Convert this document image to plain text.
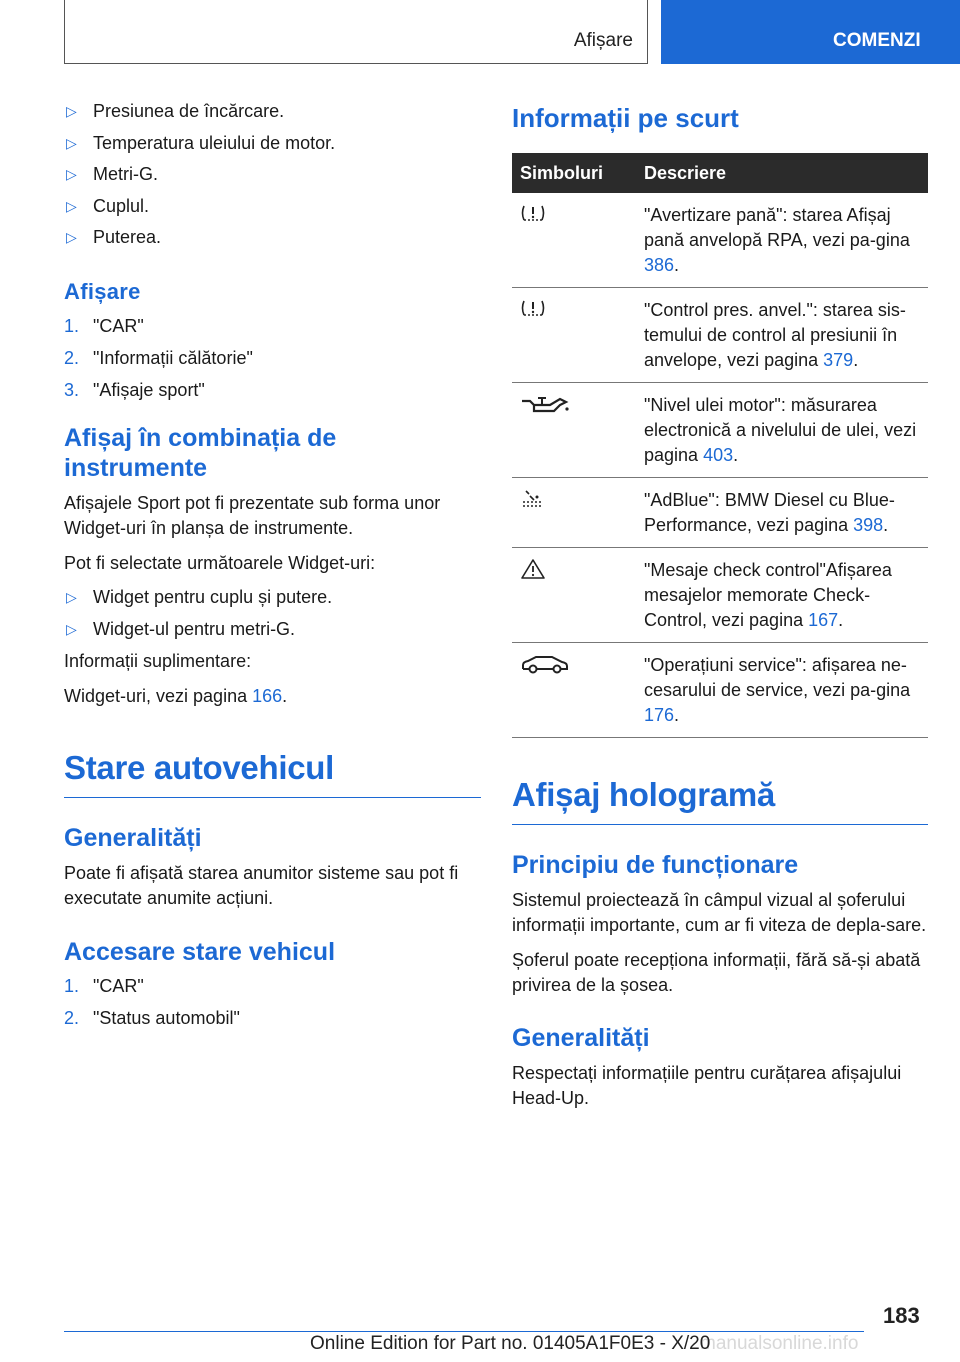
Afișare	COMENZI
▷ Presiunea de încărcare.
▷ Temperatura uleiului de motor.
▷ Metri-G.
▷ Cuplul.
▷ Puterea.
Afișare
1. "CAR"
2. "Informații călătorie"
3. "Afișaje sport"
Afișaj în combinația de instrumente

Afișajele Sport pot fi prezentate sub forma unor Widget-uri în planșa de instrumente.

Pot fi selectate următoarele Widget-uri:

▷ Widget pentru cuplu și putere.
▷ Widget-ul pentru metri-G.

Informații suplimentare:

Widget-uri, vezi pagina 166.

Stare autovehicul
Generalități

Poate fi afișată starea anumitor sisteme sau pot fi executate anumite acțiuni.

Accesare stare vehicul
1. "CAR"
2. "Status automobil"
Informații pe scurt
Simboluri	Descriere
	"Avertizare pană": starea Afișaj pană anvelopă RPA, vezi pa‐gina 386.
	"Control pres. anvel.": starea sis‐temului de control al presiunii în anvelope, vezi pagina 379.
	"Nivel ulei motor": măsurarea electronică a nivelului de ulei, vezi pagina 403.
	"AdBlue": BMW Diesel cu Blue‐Performance, vezi pagina 398.
	"Mesaje check control"Afișarea mesajelor memorate Check-Control, vezi pagina 167.
	"Operațiuni service": afișarea ne‐cesarului de service, vezi pa‐gina 176.
Afișaj hologramă
Principiu de funcționare

Sistemul proiectează în câmpul vizual al șoferului informații importante, cum ar fi viteza de depla‐sare.

Șoferul poate recepționa informații, fără să-și abată privirea de la șosea.

Generalități

Respectați informațiile pentru curățarea afișajului Head-Up.

183
manualsonline.info
Online Edition for Part no. 01405A1F0E3 - X/20
